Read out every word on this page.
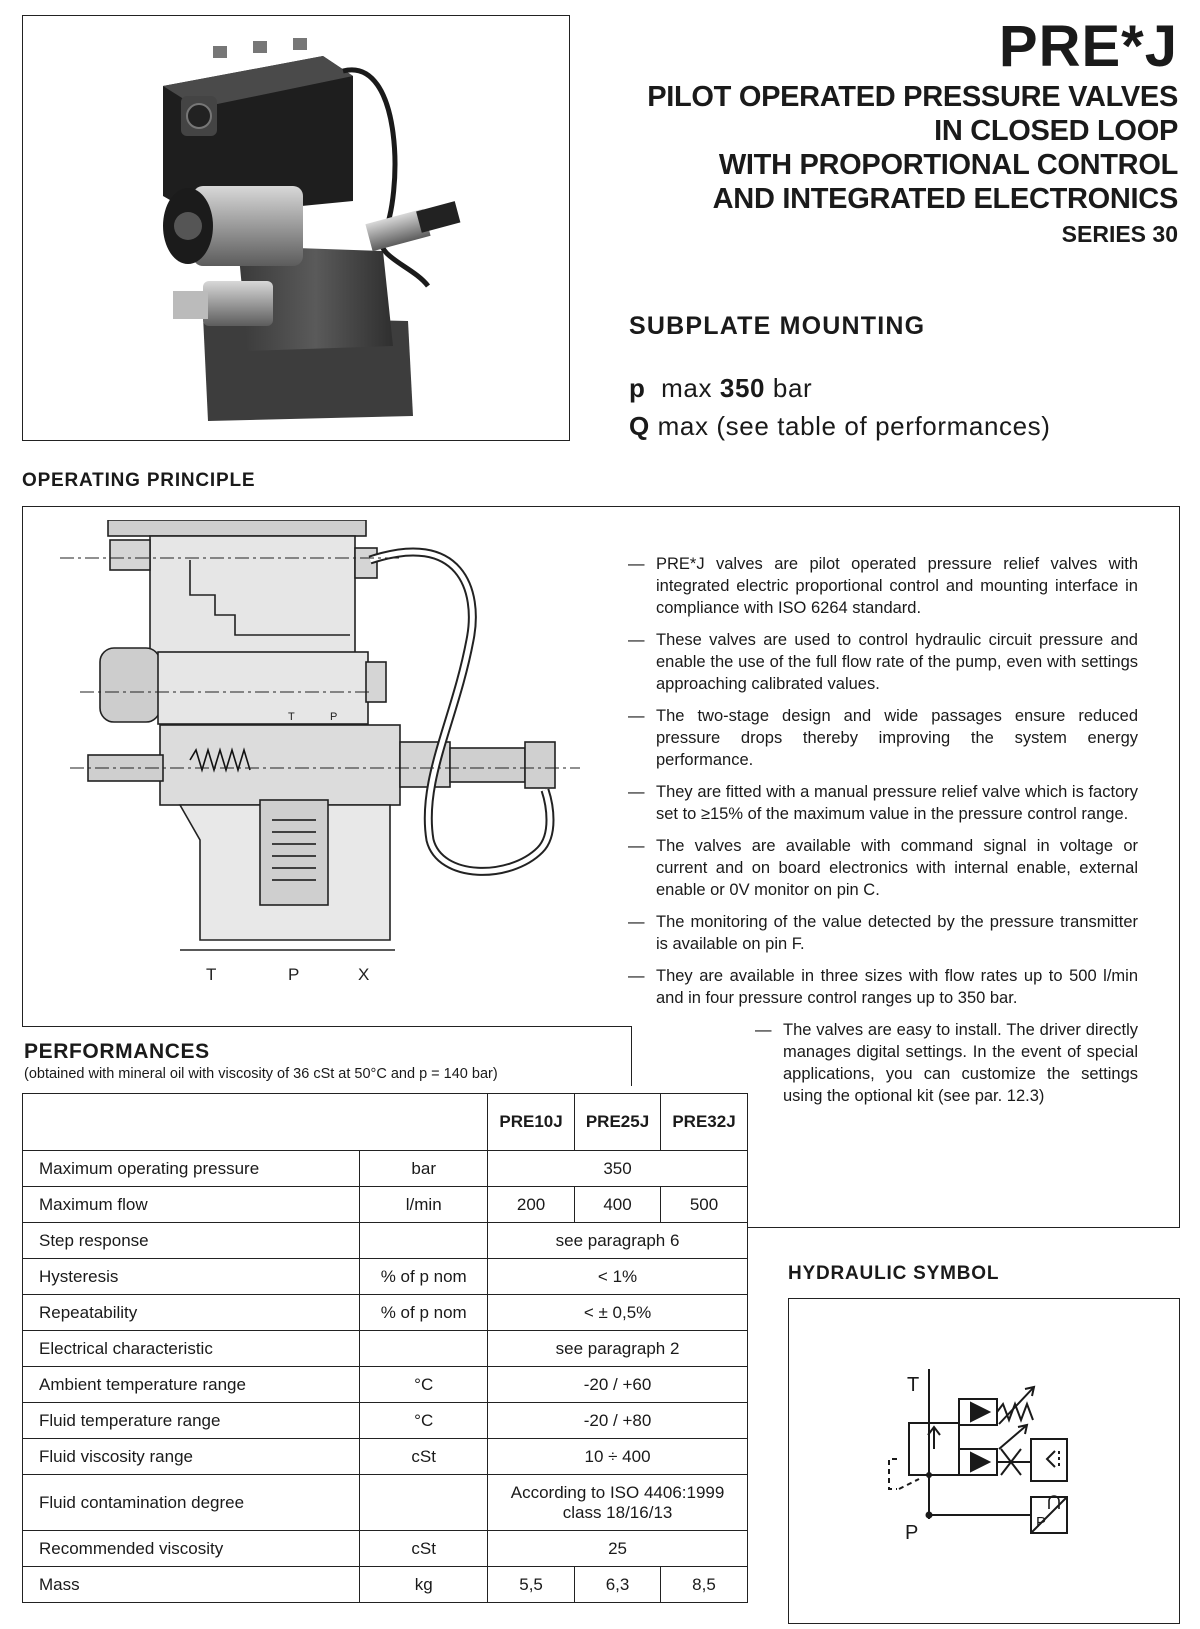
PRE*J
PILOT OPERATED PRESSURE VALVES
IN CLOSED LOOP
WITH PROPORTIONAL CONTROL
AND INTEGRATED ELECTRONICS
SERIES 30
SUBPLATE MOUNTING
p max 350 bar
Q max (see table of performances)
OPERATING PRINCIPLE
T	P	X
T	P
— PRE*J valves are pilot operated pressure relief valves with integrated electric proportional control and mounting interface in compliance with ISO 6264 standard.
— These valves are used to control hydraulic circuit pressure and enable the use of the full flow rate of the pump, even with settings approaching calibrated values.
— The two-stage design and wide passages ensure reduced pressure drops thereby improving the system energy performance.
— They are fitted with a manual pressure relief valve which is factory set to ≥15% of the maximum value in the pressure control range.
— The valves are available with command signal in voltage or current and on board electronics with internal enable, external enable or 0V monitor on pin C.
— The monitoring of the value detected by the pressure transmitter is available on pin F.
— They are available in three sizes with flow rates up to 500 l/min and in four pressure control ranges up to 350 bar.
— The valves are easy to install. The driver directly manages digital settings. In the event of special applications, you can customize the settings using the optional kit (see par. 12.3)
PERFORMANCES
(obtained with mineral oil with viscosity of 36 cSt at 50°C and p = 140 bar)
		PRE10J	PRE25J	PRE32J
Maximum operating pressure	bar	350		
Maximum flow	l/min	200	400	500
Step response		see paragraph 6		
Hysteresis	% of p nom	< 1%		
Repeatability	% of p nom	< ± 0,5%		
Electrical characteristic		see paragraph 2		
Ambient temperature range	°C	-20 / +60		
Fluid temperature range	°C	-20 / +80		
Fluid viscosity range	cSt	10 ÷ 400		
Fluid contamination degree		According to ISO 4406:1999
class 18/16/13		

Recommended viscosity	cSt	25		
Mass	kg	5,5	6,3	8,5
HYDRAULIC SYMBOL
T
P	P
